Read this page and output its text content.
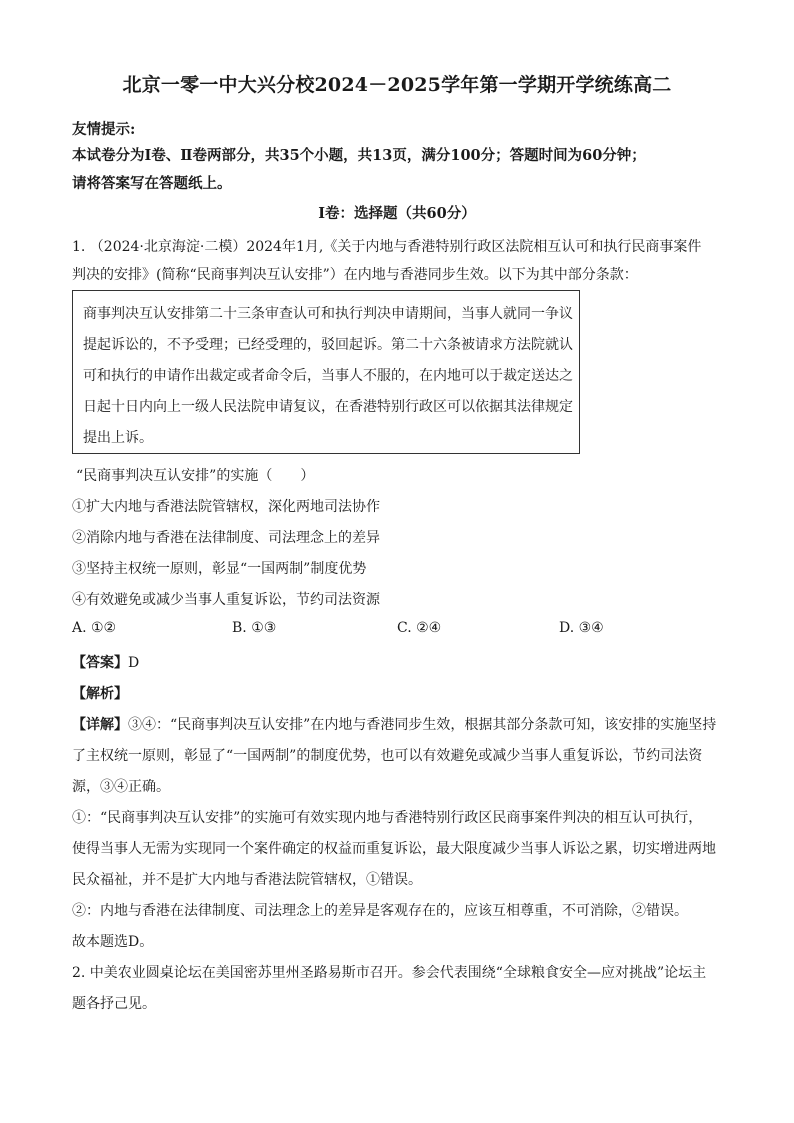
北京一零一中大兴分校2024－2025学年第一学期开学统练高二
友情提示:
本试卷分为Ⅰ卷、Ⅱ卷两部分，共35个小题，共13页，满分100分；答题时间为60分钟；
请将答案写在答题纸上。
Ⅰ卷：选择题（共60分）
1. （2024·北京海淀·二模）2024年1月,《关于内地与香港特别行政区法院相互认可和执行民商事案件
判决的安排》(简称“民商事判决互认安排”）在内地与香港同步生效。以下为其中部分条款：
商事判决互认安排第二十三条审查认可和执行判决申请期间，当事人就同一争议
提起诉讼的，不予受理；已经受理的，驳回起诉。第二十六条被请求方法院就认
可和执行的申请作出裁定或者命令后，当事人不服的，在内地可以于裁定送达之
日起十日内向上一级人民法院申请复议，在香港特别行政区可以依据其法律规定
提出上诉。
“民商事判决互认安排”的实施（　　）
①扩大内地与香港法院管辖权，深化两地司法协作
②消除内地与香港在法律制度、司法理念上的差异
③坚持主权统一原则，彰显“一国两制”制度优势
④有效避免或减少当事人重复诉讼，节约司法资源
A. ①②	B. ①③	C. ②④	D. ③④
【答案】D
【解析】
【详解】③④：“民商事判决互认安排”在内地与香港同步生效，根据其部分条款可知，该安排的实施坚持
了主权统一原则，彰显了“一国两制”的制度优势，也可以有效避免或减少当事人重复诉讼，节约司法资
源，③④正确。
①：“民商事判决互认安排”的实施可有效实现内地与香港特别行政区民商事案件判决的相互认可执行，
使得当事人无需为实现同一个案件确定的权益而重复诉讼，最大限度减少当事人诉讼之累，切实增进两地
民众福祉，并不是扩大内地与香港法院管辖权，①错误。
②：内地与香港在法律制度、司法理念上的差异是客观存在的，应该互相尊重，不可消除，②错误。
故本题选D。
2. 中美农业圆桌论坛在美国密苏里州圣路易斯市召开。参会代表围绕“全球粮食安全—应对挑战”论坛主
题各抒己见。
